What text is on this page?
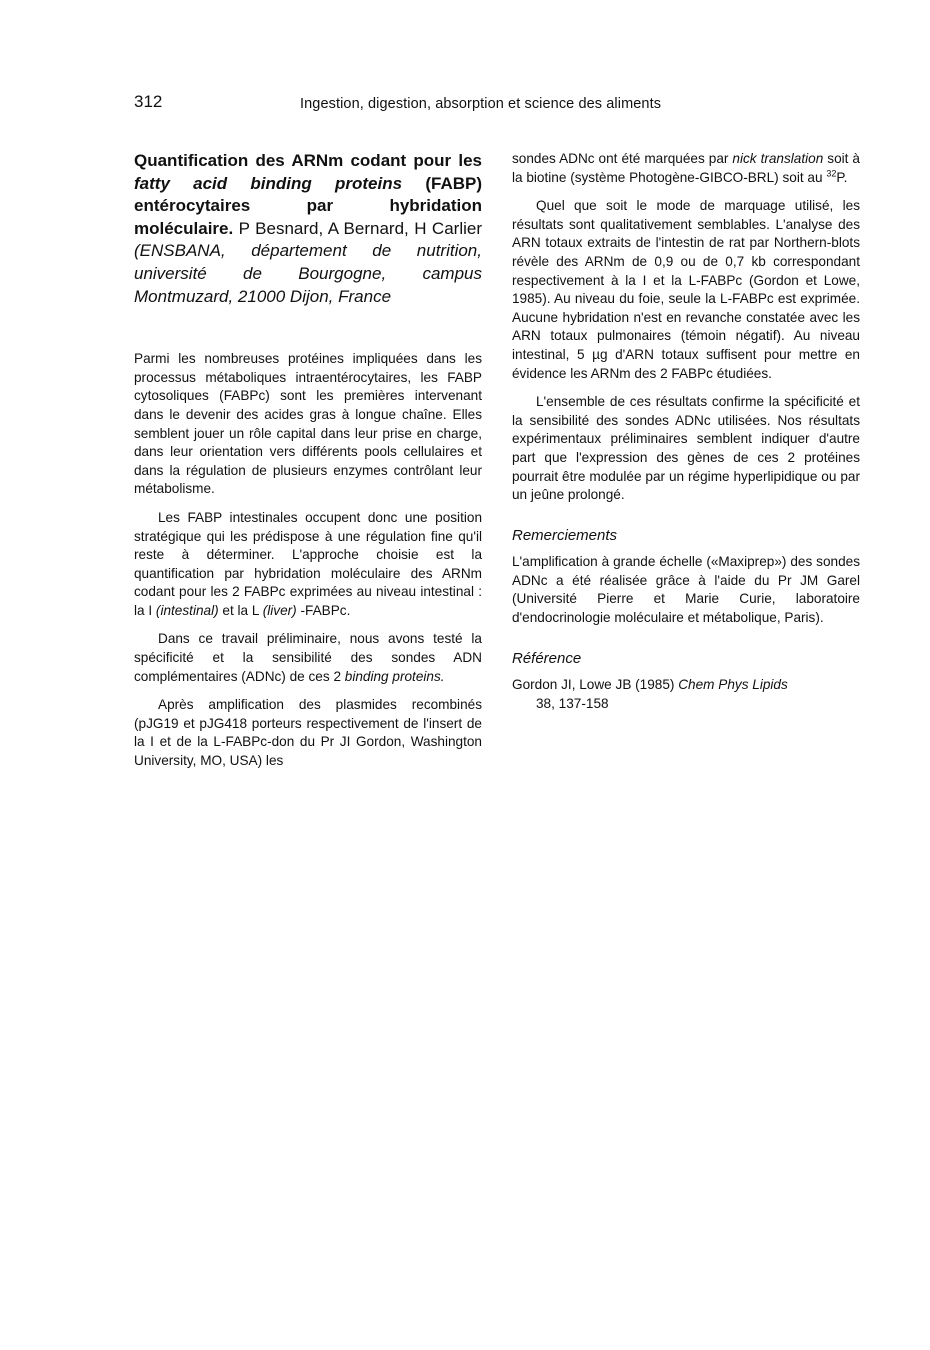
312	Ingestion, digestion, absorption et science des aliments

Quantification des ARNm codant pour les fatty acid binding proteins (FABP) entérocytaires par hybridation moléculaire. P Besnard, A Bernard, H Carlier (ENSBANA, département de nutrition, université de Bourgogne, campus Montmuzard, 21000 Dijon, France

Parmi les nombreuses protéines impliquées dans les processus métaboliques intraentérocytaires, les FABP cytosoliques (FABPc) sont les premières intervenant dans le devenir des acides gras à longue chaîne. Elles semblent jouer un rôle capital dans leur prise en charge, dans leur orientation vers différents pools cellulaires et dans la régulation de plusieurs enzymes contrôlant leur métabolisme.

Les FABP intestinales occupent donc une position stratégique qui les prédispose à une régulation fine qu'il reste à déterminer. L'approche choisie est la quantification par hybridation moléculaire des ARNm codant pour les 2 FABPc exprimées au niveau intestinal : la I (intestinal) et la L (liver) -FABPc.

Dans ce travail préliminaire, nous avons testé la spécificité et la sensibilité des sondes ADN complémentaires (ADNc) de ces 2 binding proteins.

Après amplification des plasmides recombinés (pJG19 et pJG418 porteurs respectivement de l'insert de la I et de la L-FABPc-don du Pr JI Gordon, Washington University, MO, USA) les

sondes ADNc ont été marquées par nick translation soit à la biotine (système Photogène-GIBCO-BRL) soit au $^{32}$P.

Quel que soit le mode de marquage utilisé, les résultats sont qualitativement semblables. L'analyse des ARN totaux extraits de l'intestin de rat par Northern-blots révèle des ARNm de 0,9 ou de 0,7 kb correspondant respectivement à la I et la L-FABPc (Gordon et Lowe, 1985). Au niveau du foie, seule la L-FABPc est exprimée. Aucune hybridation n'est en revanche constatée avec les ARN totaux pulmonaires (témoin négatif). Au niveau intestinal, 5 µg d'ARN totaux suffisent pour mettre en évidence les ARNm des 2 FABPc étudiées.

L'ensemble de ces résultats confirme la spécificité et la sensibilité des sondes ADNc utilisées. Nos résultats expérimentaux préliminaires semblent indiquer d'autre part que l'expression des gènes de ces 2 protéines pourrait être modulée par un régime hyperlipidique ou par un jeûne prolongé.

Remerciements

L'amplification à grande échelle («Maxiprep») des sondes ADNc a été réalisée grâce à l'aide du Pr JM Garel (Université Pierre et Marie Curie, laboratoire d'endocrinologie moléculaire et métabolique, Paris).

Référence

Gordon JI, Lowe JB (1985) Chem Phys Lipids

38, 137-158
